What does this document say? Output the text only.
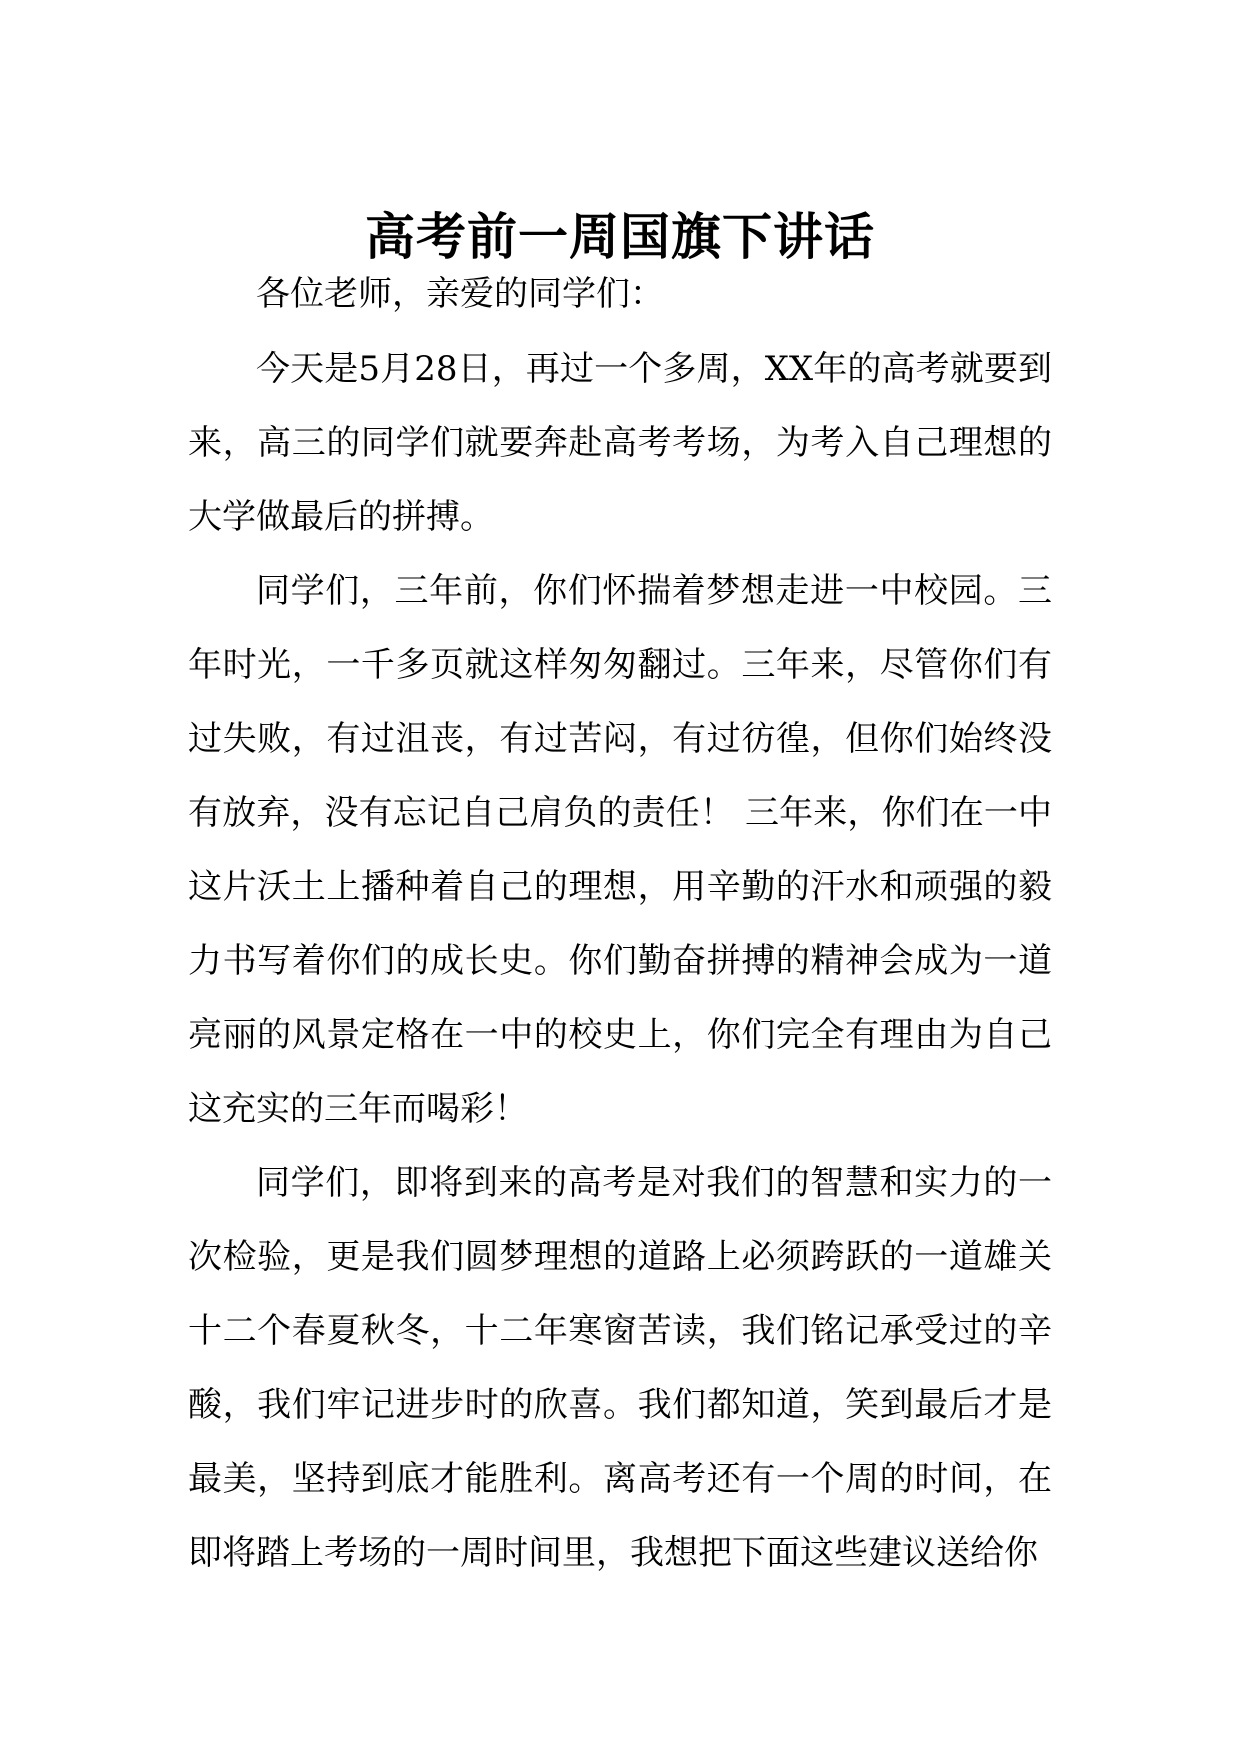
高考前一周国旗下讲话

各位老师，亲爱的同学们：

今天是5月28日，再过一个多周，XX年的高考就要到来，高三的同学们就要奔赴高考考场，为考入自己理想的大学做最后的拼搏。

同学们，三年前，你们怀揣着梦想走进一中校园。三年时光，一千多页就这样匆匆翻过。三年来，尽管你们有过失败，有过沮丧，有过苦闷，有过彷徨，但你们始终没有放弃，没有忘记自己肩负的责任！ 三年来，你们在一中这片沃土上播种着自己的理想，用辛勤的汗水和顽强的毅力书写着你们的成长史。你们勤奋拼搏的精神会成为一道亮丽的风景定格在一中的校史上，你们完全有理由为自己这充实的三年而喝彩！

同学们，即将到来的高考是对我们的智慧和实力的一次检验，更是我们圆梦理想的道路上必须跨跃的一道雄关十二个春夏秋冬，十二年寒窗苦读，我们铭记承受过的辛酸，我们牢记进步时的欣喜。我们都知道，笑到最后才是最美，坚持到底才能胜利。离高考还有一个周的时间，在即将踏上考场的一周时间里，我想把下面这些建议送给你
